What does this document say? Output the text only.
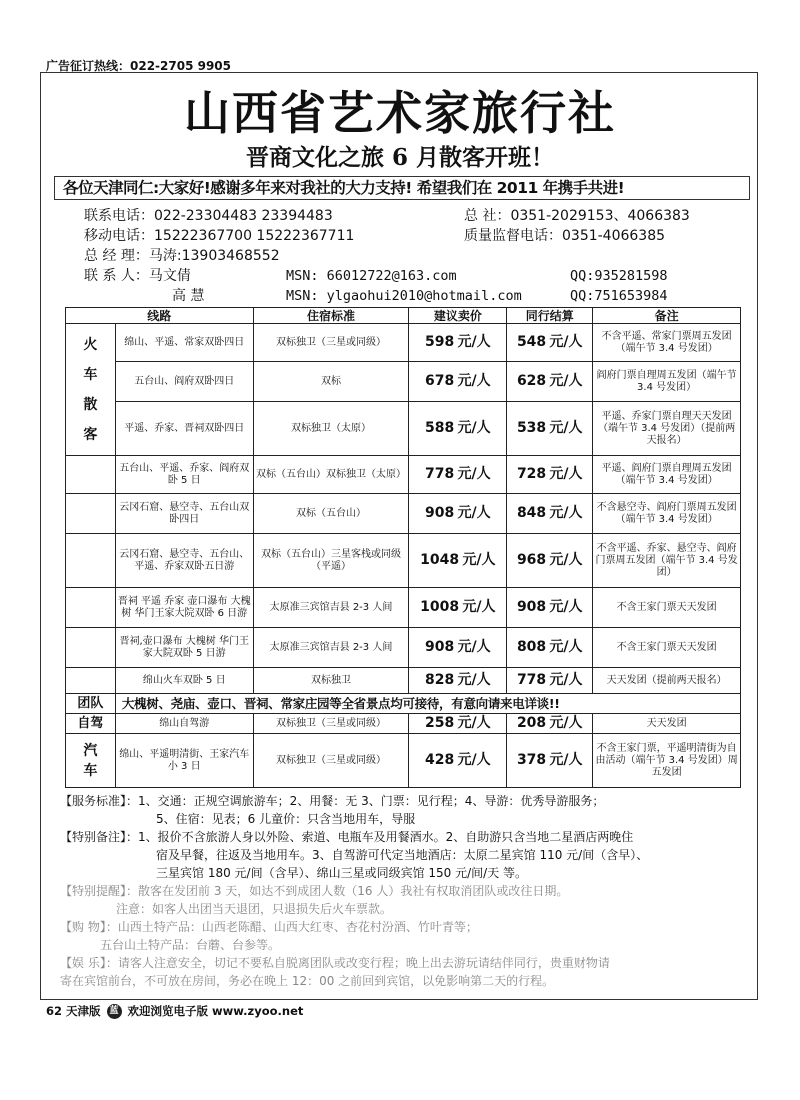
广告征订热线：022-2705 9905
山西省艺术家旅行社
晋商文化之旅 6 月散客开班！
各位天津同仁:大家好!感谢多年来对我社的大力支持! 希望我们在 2011 年携手共进!
联系电话：022-23304483 23394483	总 社：0351-2029153、4066383
移动电话：15222367700 15222367711	质量监督电话：0351-4066385
总 经 理：马涛:13903468552
联 系 人：马文倩	MSN: 66012722@163.com	QQ:935281598
高 慧	MSN: ylgaohui2010@hotmail.com	QQ:751653984
线路		住宿标准	建议卖价	同行结算	备注

火
车
散
客	绵山、平遥、常家双卧四日	双标独卫（三星或同级）	598 元/人	548 元/人	不含平遥、常家门票周五发团（端午节 3.4 号发团）
	五台山、阎府双卧四日	双标	678 元/人	628 元/人	阎府门票自理周五发团（端午节 3.4 号发团）
	平遥、乔家、晋祠双卧四日	双标独卫（太原）	588 元/人	538 元/人	平遥、乔家门票自理天天发团（端午节 3.4 号发团）（提前两天报名）
	五台山、平遥、乔家、阎府双卧 5 日	双标（五台山）双标独卫（太原）	778 元/人	728 元/人	平遥、阎府门票自理周五发团（端午节 3.4 号发团）
	云冈石窟、悬空寺、五台山双卧四日	双标（五台山）	908 元/人	848 元/人	不含悬空寺、阎府门票周五发团（端午节 3.4 号发团）
	云冈石窟、悬空寺、五台山、平遥、乔家双卧五日游	双标（五台山）三星客栈或同级（平遥）	1048 元/人	968 元/人	不含平遥、乔家、悬空寺、阎府门票周五发团（端午节 3.4 号发团）
	晋祠 平遥 乔家 壶口瀑布 大槐树 华门王家大院双卧 6 日游	太原准三宾馆吉县 2-3 人间	1008 元/人	908 元/人	不含王家门票天天发团
	晋祠,壶口瀑布 大槐树 华门王家大院双卧 5 日游	太原准三宾馆吉县 2-3 人间	908 元/人	808 元/人	不含王家门票天天发团
	绵山火车双卧 5 日	双标独卫	828 元/人	778 元/人	天天发团（提前两天报名）
团队	大槐树、尧庙、壶口、晋祠、常家庄园等全省景点均可接待，有意向请来电详谈!!				
自驾	绵山自驾游	双标独卫（三星或同级）	258 元/人	208 元/人	天天发团

汽
车	绵山、平遥明清街、王家汽车小 3 日	双标独卫（三星或同级）	428 元/人	378 元/人	不含王家门票，平遥明清街为自由活动（端午节 3.4 号发团）周五发团

【服务标准】：1、交通：正规空调旅游车；2、用餐：无 3、门票：见行程；4、导游：优秀导游服务；

5、住宿：见表；6 儿童价：只含当地用车，导服

【特别备注】：1、报价不含旅游人身以外险、索道、电瓶车及用餐酒水。2、自助游只含当地二星酒店两晚住

宿及早餐，往返及当地用车。3、自驾游可代定当地酒店：太原二星宾馆 110 元/间（含早）、

三星宾馆 180 元/间（含早）、绵山三星或同级宾馆 150 元/间/天 等。

【特别提醒】：散客在发团前 3 天，如达不到成团人数（16 人）我社有权取消团队或改往日期。

注意：如客人出团当天退团，只退损失后火车票款。

【购 物】：山西土特产品：山西老陈醋、山西大红枣、杏花村汾酒、竹叶青等；

五台山土特产品：台蘑、台参等。

【娱 乐】：请客人注意安全，切记不要私自脱离团队或改变行程；晚上出去游玩请结伴同行，贵重财物请

寄在宾馆前台，不可放在房间，务必在晚上 12：00 之前回到宾馆，以免影响第二天的行程。

62 天津版 蓝 欢迎浏览电子版 www.zyoo.net
